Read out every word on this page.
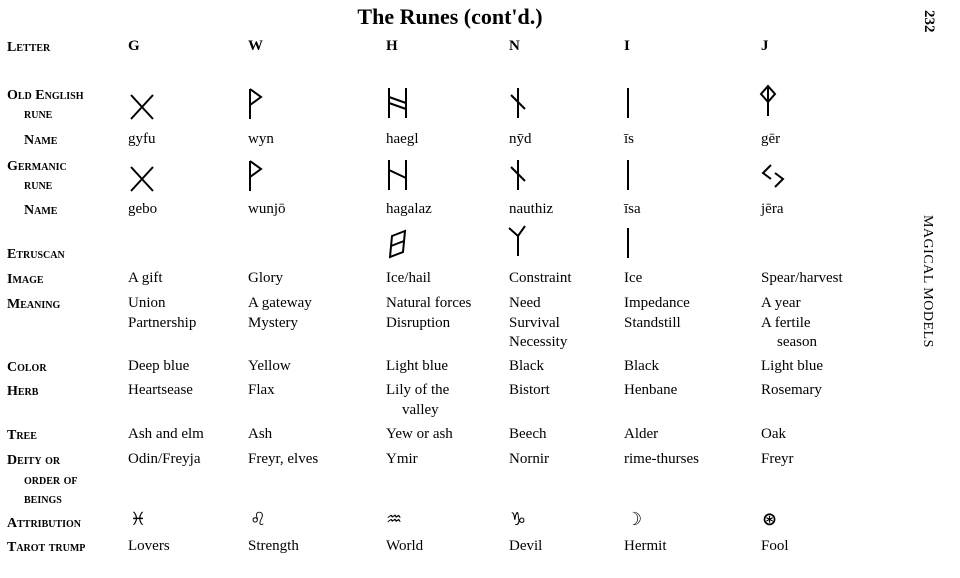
The Runes (cont'd.)	232
MAGICAL MODELS
Letter
Old English
rune
Name
Germanic
rune
Name
Etruscan
Image
Meaning
Color
Herb
Tree
Deity or
order of
beings
Attribution
Tarot trump
G
gyfu
gebo
A gift
Union
Partnership
Deep blue
Heartsease
Ash and elm
Odin/Freyja
♓
Lovers
W
wyn
wunjō
Glory
A gateway
Mystery
Yellow
Flax
Ash
Freyr, elves
♌
Strength
H
haegl
hagalaz
Ice/hail
Natural forces
Disruption
Light blue
Lily of the
valley
Yew or ash
Ymir
♒
World
N
nȳd
nauthiz
Constraint
Need
Survival
Necessity
Black
Bistort
Beech
Nornir
♑
Devil
I
īs
īsa
Ice
Impedance
Standstill
Black
Henbane
Alder
rime-thurses
☽
Hermit
J
gēr
jēra
Spear/harvest
A year
A fertile
season
Light blue
Rosemary
Oak
Freyr
⊛
Fool
